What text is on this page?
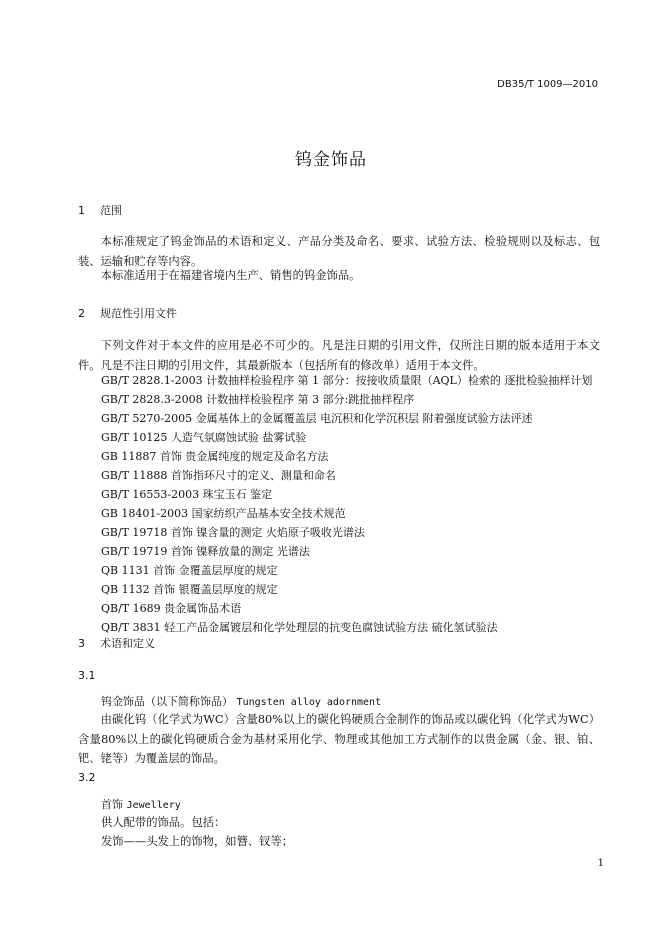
DB35/T 1009—2010
钨金饰品
1 范围
本标准规定了钨金饰品的术语和定义、产品分类及命名、要求、试验方法、检验规则以及标志、包装、运输和贮存等内容。
本标准适用于在福建省境内生产、销售的钨金饰品。
2 规范性引用文件
下列文件对于本文件的应用是必不可少的。凡是注日期的引用文件，仅所注日期的版本适用于本文件。凡是不注日期的引用文件，其最新版本（包括所有的修改单）适用于本文件。
GB/T 2828.1-2003 计数抽样检验程序 第 1 部分：按接收质量限（AQL）检索的 逐批检验抽样计划
GB/T 2828.3-2008 计数抽样检验程序 第 3 部分:跳批抽样程序
GB/T 5270-2005 金属基体上的金属覆盖层 电沉积和化学沉积层 附着强度试验方法评述
GB/T 10125 人造气氛腐蚀试验 盐雾试验
GB 11887 首饰 贵金属纯度的规定及命名方法
GB/T 11888 首饰指环尺寸的定义、测量和命名
GB/T 16553-2003 珠宝玉石 鉴定
GB 18401-2003 国家纺织产品基本安全技术规范
GB/T 19718 首饰 镍含量的测定 火焰原子吸收光谱法
GB/T 19719 首饰 镍释放量的测定 光谱法
QB 1131 首饰 金覆盖层厚度的规定
QB 1132 首饰 银覆盖层厚度的规定
QB/T 1689 贵金属饰品术语
QB/T 3831 轻工产品金属镀层和化学处理层的抗变色腐蚀试验方法 硫化氢试验法
3 术语和定义
3.1
钨金饰品（以下简称饰品） Tungsten alloy adornment
由碳化钨（化学式为WC）含量80%以上的碳化钨硬质合金制作的饰品或以碳化钨（化学式为WC）含量80%以上的碳化钨硬质合金为基材采用化学、物理或其他加工方式制作的以贵金属（金、银、铂、钯、铑等）为覆盖层的饰品。
3.2
首饰 Jewellery
供人配带的饰品。包括：
发饰——头发上的饰物，如簪、钗等；
1
